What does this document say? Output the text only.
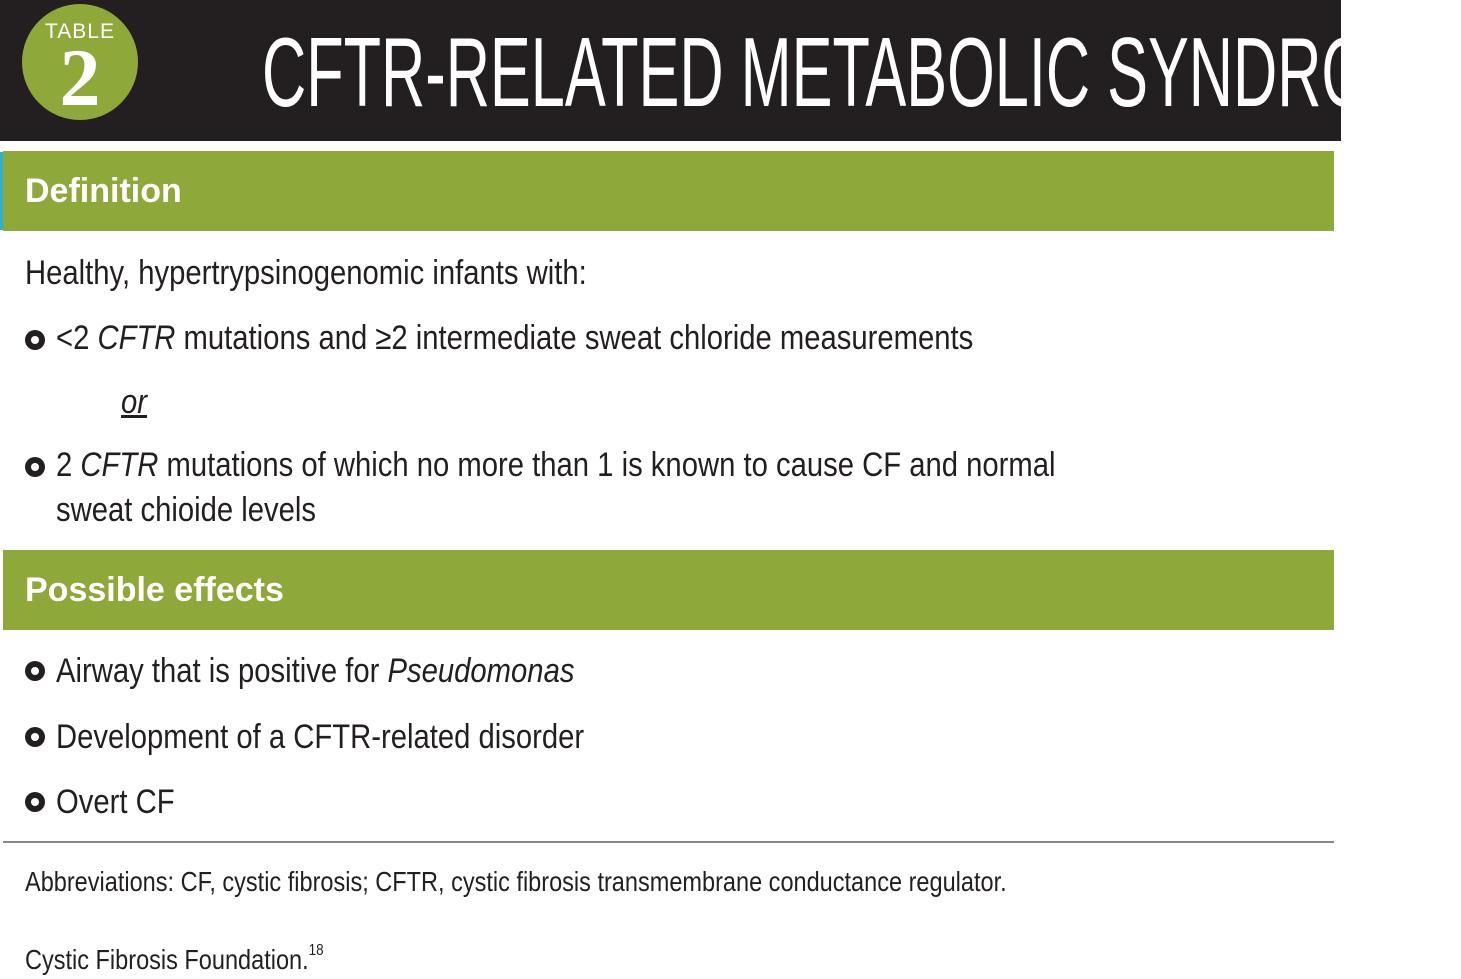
TABLE
2	CFTR-RELATED METABOLIC SYNDROME
Definition
Healthy, hypertrypsinogenomic infants with:
<2 CFTR mutations and ≥2 intermediate sweat chloride measurements
or
2 CFTR mutations of which no more than 1 is known to cause CF and normal
sweat chioide levels
Possible effects
Airway that is positive for Pseudomonas
Development of a CFTR-related disorder
Overt CF
Abbreviations: CF, cystic fibrosis; CFTR, cystic fibrosis transmembrane conductance regulator.
Cystic Fibrosis Foundation.$^{18}$
